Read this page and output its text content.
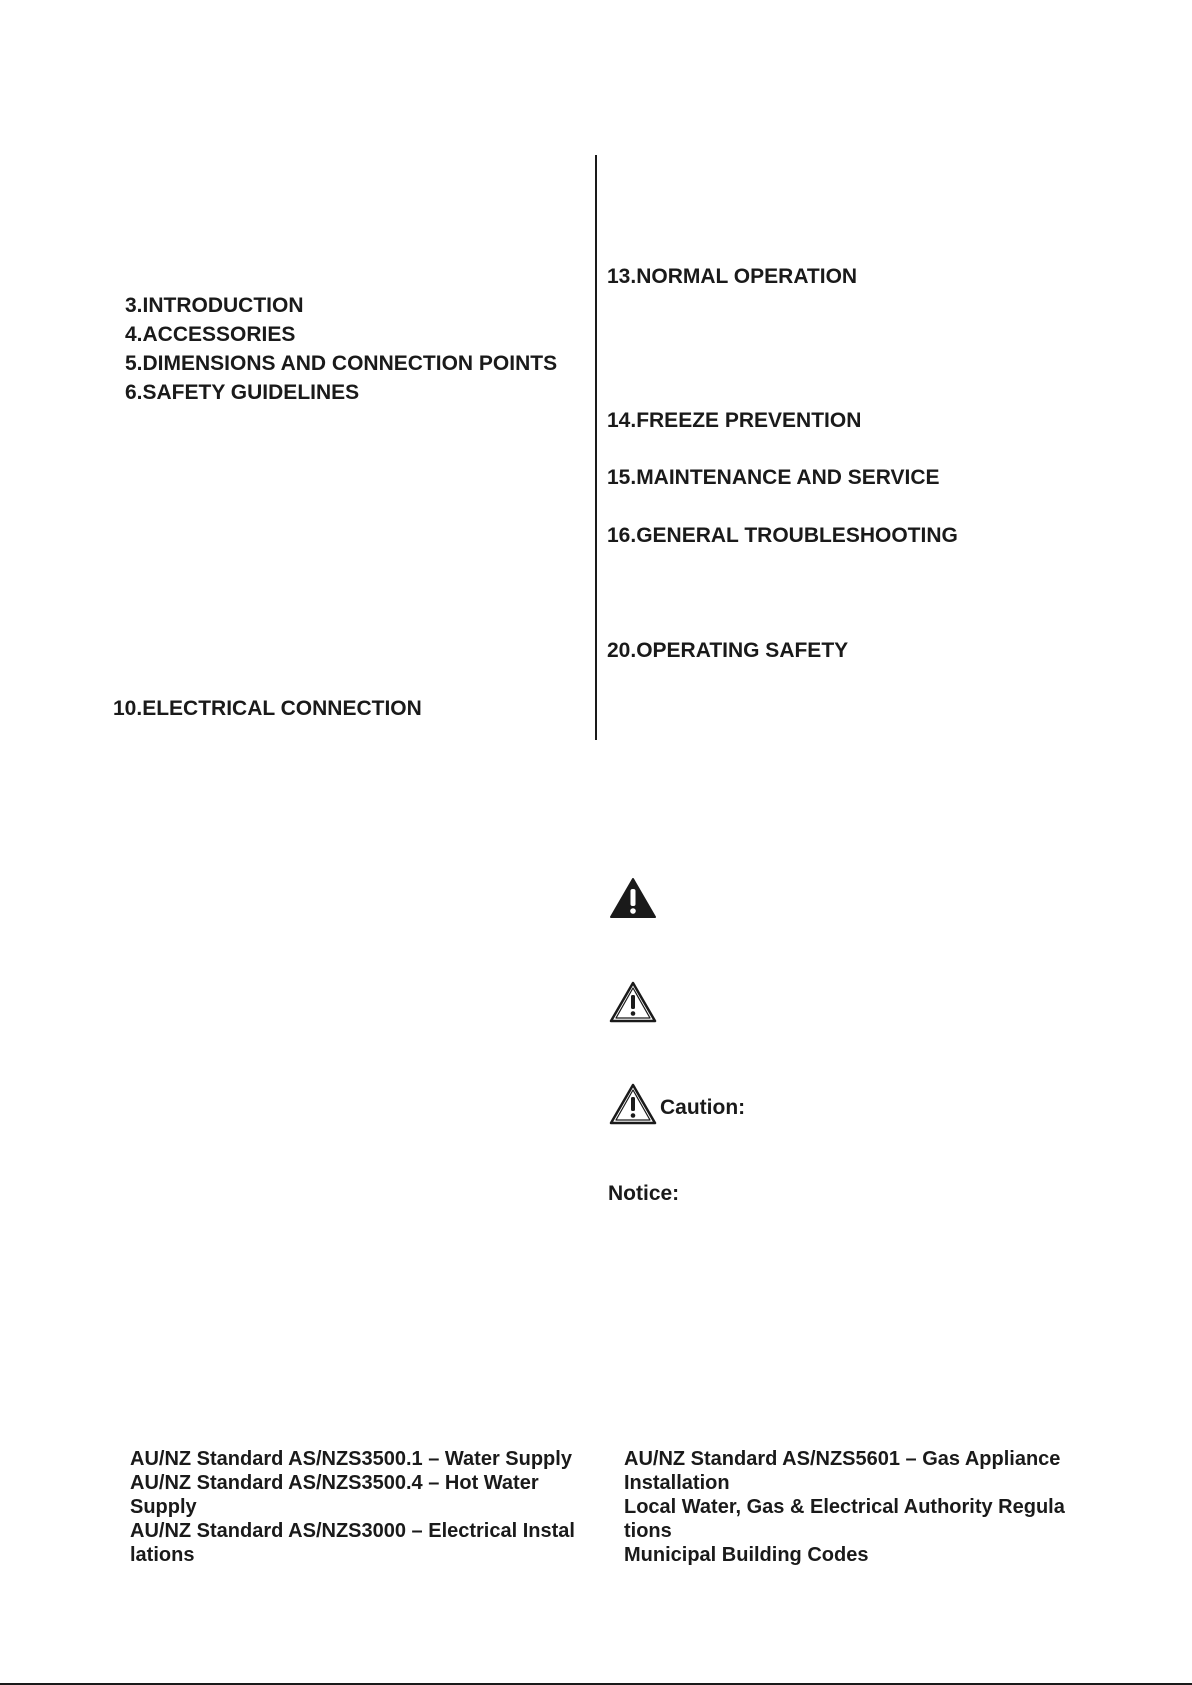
3.INTRODUCTION
4.ACCESSORIES
5.DIMENSIONS AND CONNECTION POINTS
6.SAFETY GUIDELINES
10.ELECTRICAL CONNECTION
13.NORMAL OPERATION
14.FREEZE PREVENTION
15.MAINTENANCE AND SERVICE
16.GENERAL TROUBLESHOOTING
20.OPERATING SAFETY
Caution:
Notice:
AU/NZ Standard AS/NZS3500.1 – Water Supply
AU/NZ Standard AS/NZS3500.4 – Hot Water
Supply
AU/NZ Standard AS/NZS3000 – Electrical Instal
lations
AU/NZ Standard AS/NZS5601 – Gas Appliance
Installation
Local Water, Gas & Electrical Authority Regula
tions
Municipal Building Codes
